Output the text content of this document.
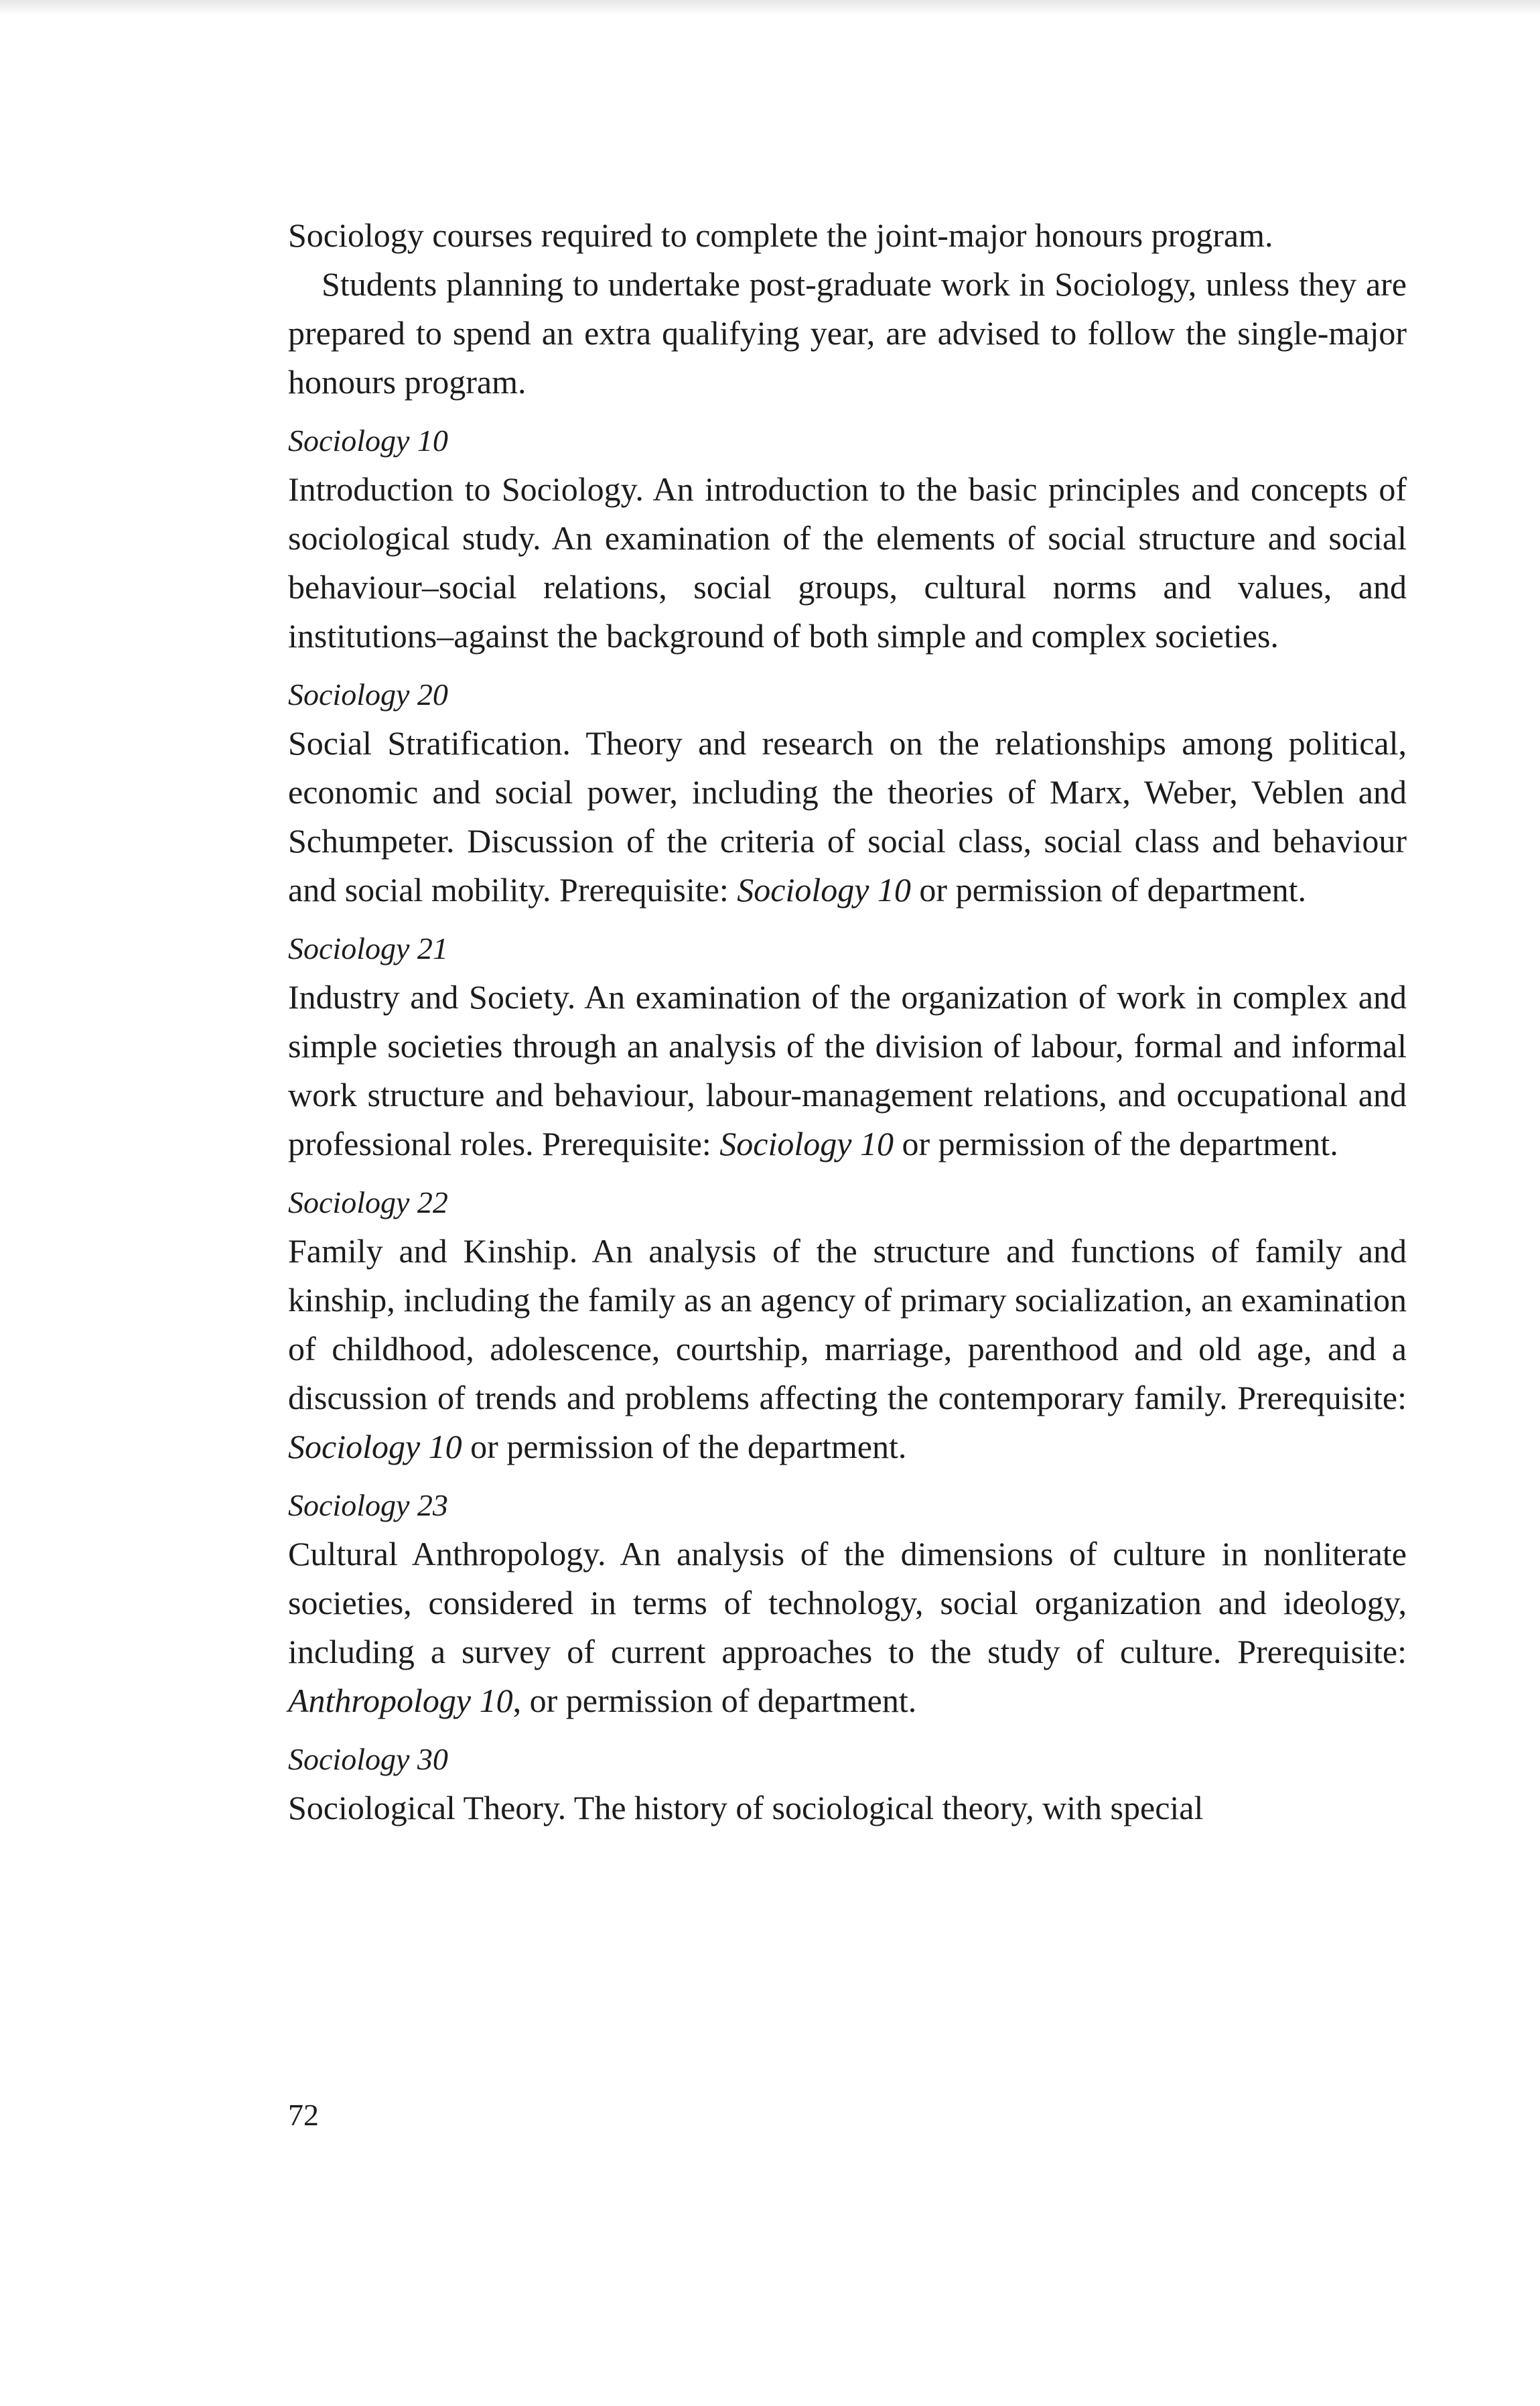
Sociology courses required to complete the joint-major honours program.

Students planning to undertake post-graduate work in Sociology, unless they are prepared to spend an extra qualifying year, are advised to follow the single-major honours program.

Sociology 10

Introduction to Sociology. An introduction to the basic principles and concepts of sociological study. An examination of the elements of social structure and social behaviour–social relations, social groups, cultural norms and values, and institutions–against the background of both simple and complex societies.

Sociology 20

Social Stratification. Theory and research on the relationships among political, economic and social power, including the theories of Marx, Weber, Veblen and Schumpeter. Discussion of the criteria of social class, social class and behaviour and social mobility. Prerequisite: Sociology 10 or permission of department.

Sociology 21

Industry and Society. An examination of the organization of work in complex and simple societies through an analysis of the division of labour, formal and informal work structure and behaviour, labour-management relations, and occupational and professional roles. Prerequisite: Sociology 10 or permission of the department.

Sociology 22

Family and Kinship. An analysis of the structure and functions of family and kinship, including the family as an agency of primary socialization, an examination of childhood, adolescence, courtship, marriage, parenthood and old age, and a discussion of trends and problems affecting the contemporary family. Prerequisite: Sociology 10 or permission of the department.

Sociology 23

Cultural Anthropology. An analysis of the dimensions of culture in nonliterate societies, considered in terms of technology, social organization and ideology, including a survey of current approaches to the study of culture. Prerequisite: Anthropology 10, or permission of department.

Sociology 30

Sociological Theory. The history of sociological theory, with special

72
